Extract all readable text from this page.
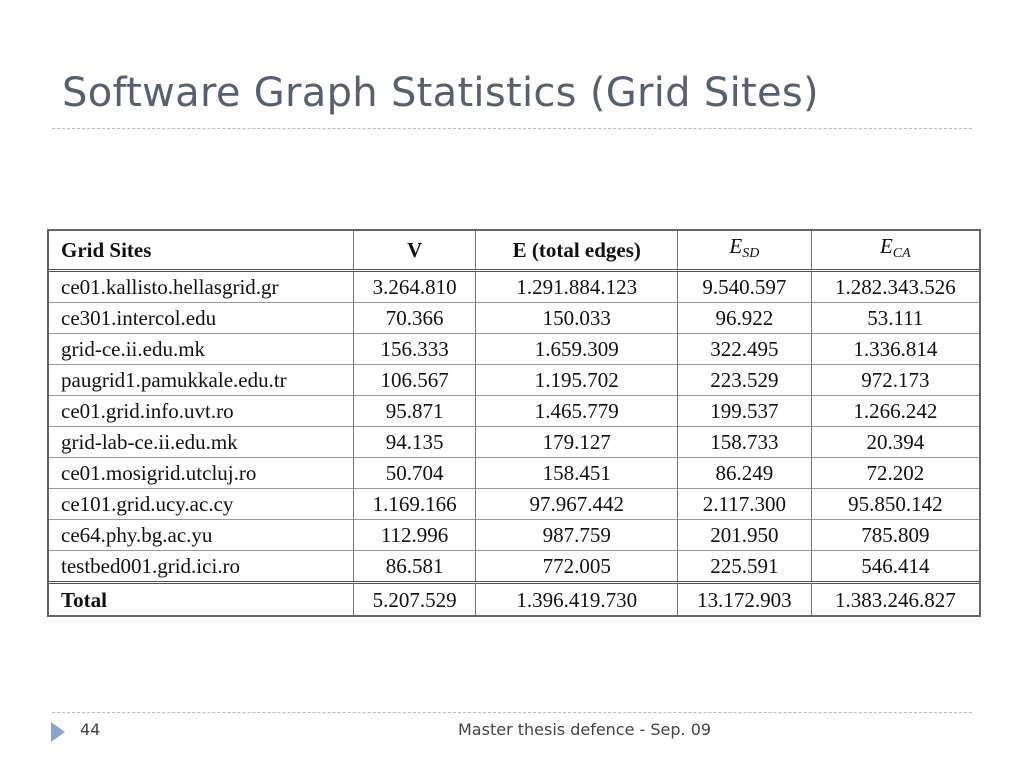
Software Graph Statistics (Grid Sites)
Grid Sites	V	E (total edges)	$E_{SD}$	$E_{CA}$
ce01.kallisto.hellasgrid.gr	3.264.810	1.291.884.123	9.540.597	1.282.343.526
ce301.intercol.edu	70.366	150.033	96.922	53.111
grid-ce.ii.edu.mk	156.333	1.659.309	322.495	1.336.814
paugrid1.pamukkale.edu.tr	106.567	1.195.702	223.529	972.173
ce01.grid.info.uvt.ro	95.871	1.465.779	199.537	1.266.242
grid-lab-ce.ii.edu.mk	94.135	179.127	158.733	20.394
ce01.mosigrid.utcluj.ro	50.704	158.451	86.249	72.202
ce101.grid.ucy.ac.cy	1.169.166	97.967.442	2.117.300	95.850.142
ce64.phy.bg.ac.yu	112.996	987.759	201.950	785.809
testbed001.grid.ici.ro	86.581	772.005	225.591	546.414
Total	5.207.529	1.396.419.730	13.172.903	1.383.246.827
44	Master thesis defence - Sep. 09
